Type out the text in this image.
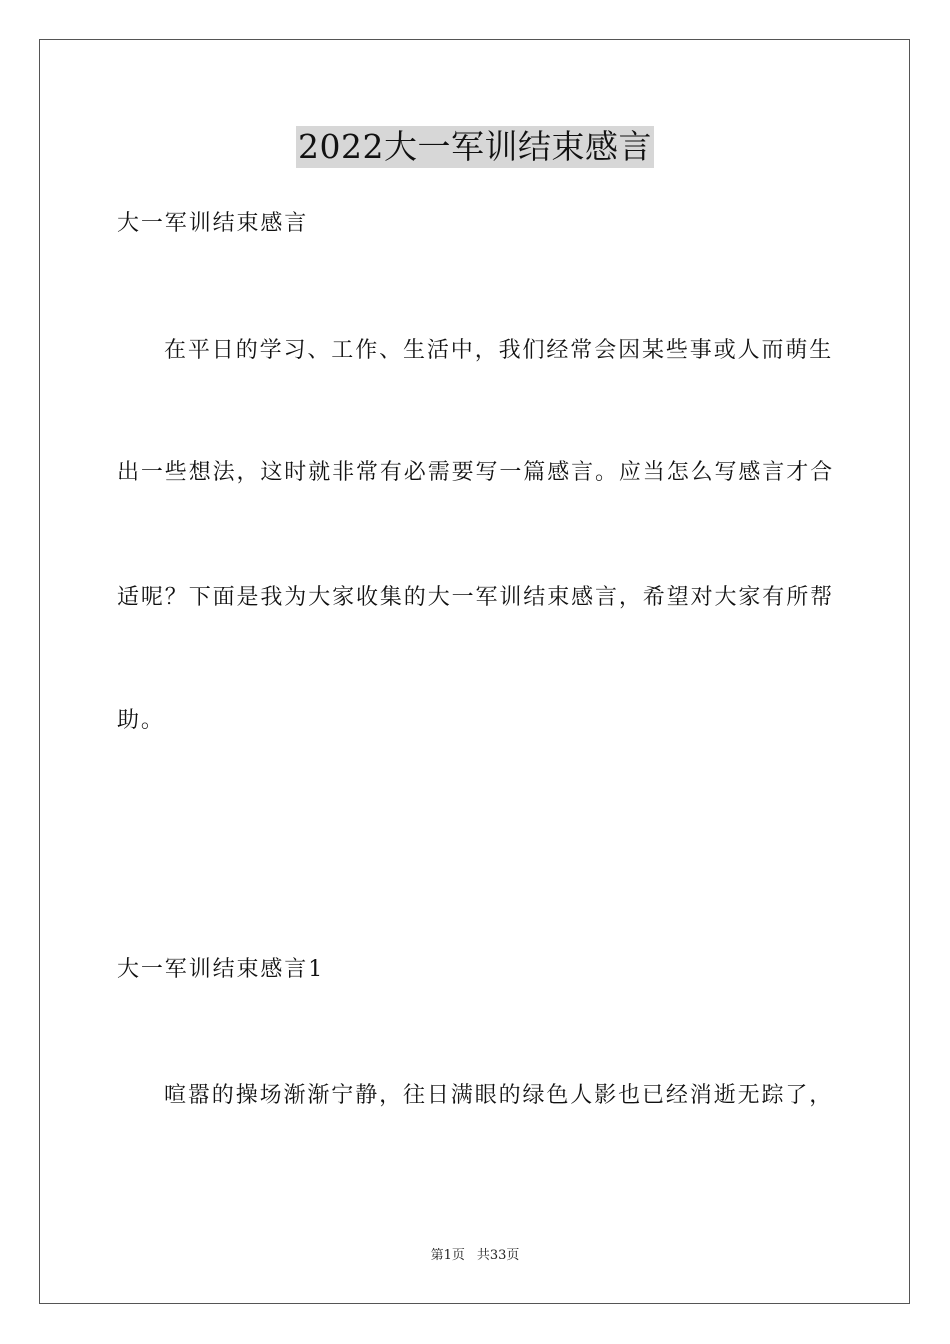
2022大一军训结束感言
大一军训结束感言
在平日的学习、工作、生活中，我们经常会因某些事或人而萌生
出一些想法，这时就非常有必需要写一篇感言。应当怎么写感言才合
适呢？下面是我为大家收集的大一军训结束感言，希望对大家有所帮
助。
大一军训结束感言1
喧嚣的操场渐渐宁静，往日满眼的绿色人影也已经消逝无踪了，
第1页 共33页
